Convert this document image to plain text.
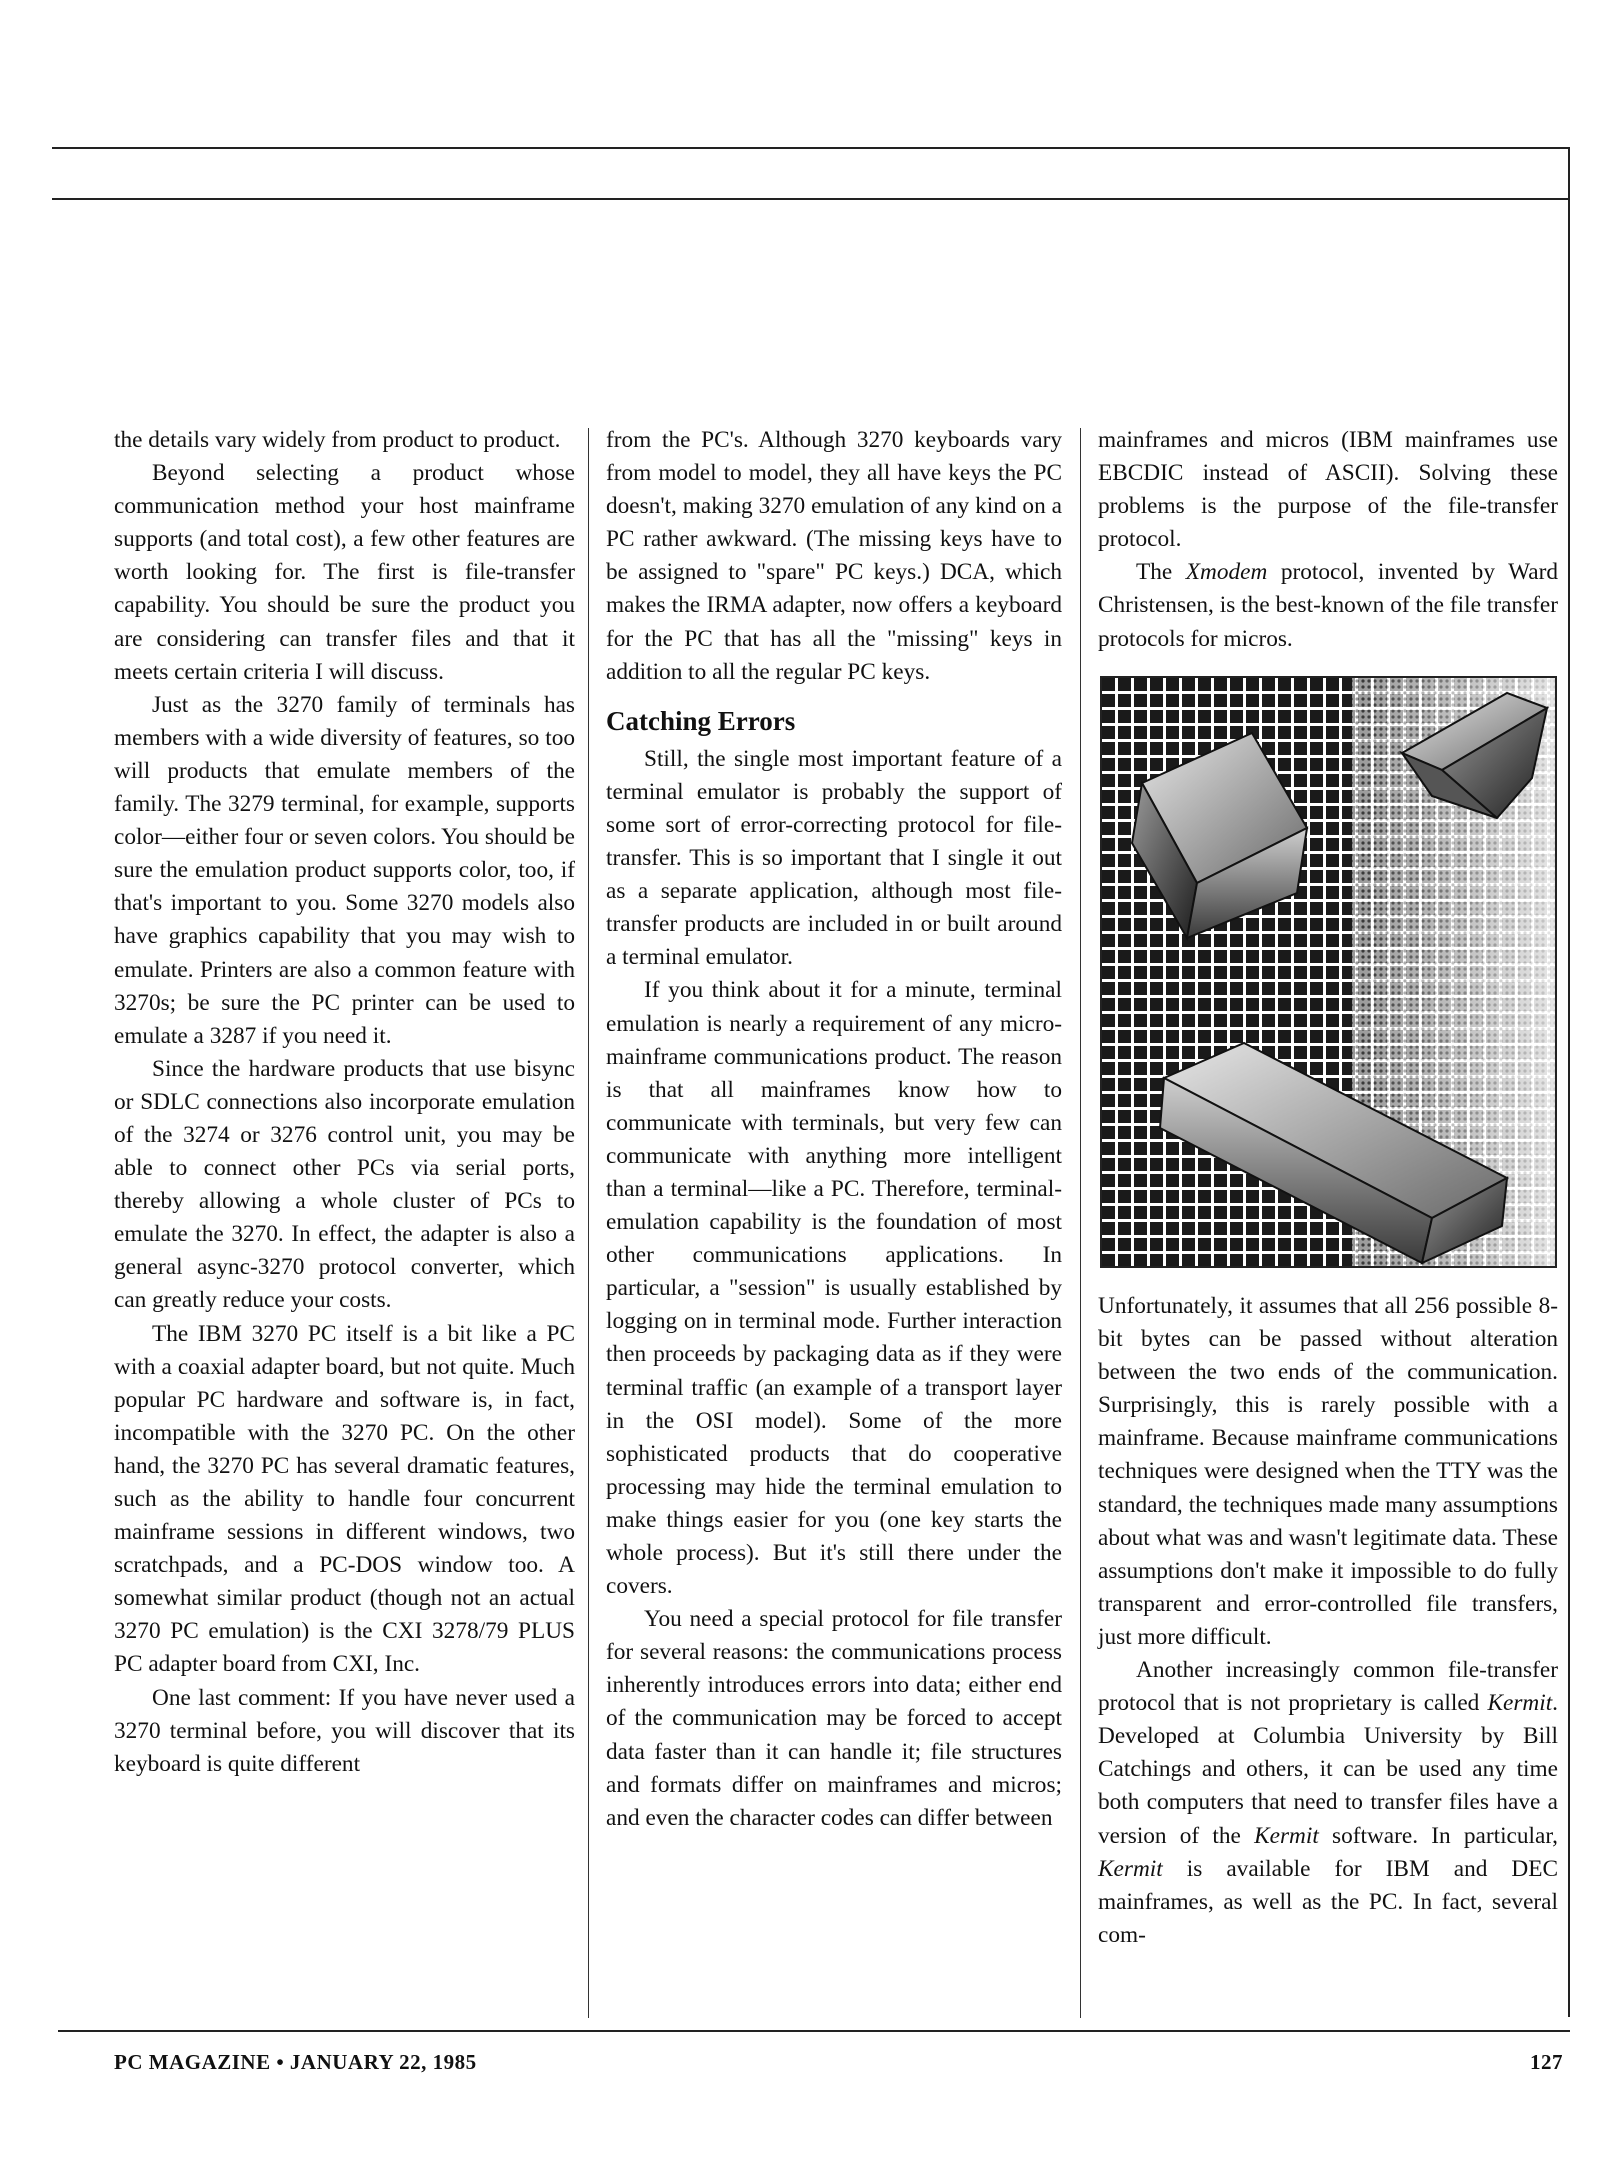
the details vary widely from product to product.

Beyond selecting a product whose communication method your host mainframe supports (and total cost), a few other features are worth looking for. The first is file-transfer capability. You should be sure the product you are considering can transfer files and that it meets certain criteria I will discuss.

Just as the 3270 family of terminals has members with a wide diversity of features, so too will products that emulate members of the family. The 3279 terminal, for example, supports color—either four or seven colors. You should be sure the emulation product supports color, too, if that's important to you. Some 3270 models also have graphics capability that you may wish to emulate. Printers are also a common feature with 3270s; be sure the PC printer can be used to emulate a 3287 if you need it.

Since the hardware products that use bisync or SDLC connections also incorporate emulation of the 3274 or 3276 control unit, you may be able to connect other PCs via serial ports, thereby allowing a whole cluster of PCs to emulate the 3270. In effect, the adapter is also a general async-3270 protocol converter, which can greatly reduce your costs.

The IBM 3270 PC itself is a bit like a PC with a coaxial adapter board, but not quite. Much popular PC hardware and software is, in fact, incompatible with the 3270 PC. On the other hand, the 3270 PC has several dramatic features, such as the ability to handle four concurrent mainframe sessions in different windows, two scratchpads, and a PC-DOS window too. A somewhat similar product (though not an actual 3270 PC emulation) is the CXI 3278/79 PLUS PC adapter board from CXI, Inc.

One last comment: If you have never used a 3270 terminal before, you will discover that its keyboard is quite different

from the PC's. Although 3270 keyboards vary from model to model, they all have keys the PC doesn't, making 3270 emulation of any kind on a PC rather awkward. (The missing keys have to be assigned to "spare" PC keys.) DCA, which makes the IRMA adapter, now offers a keyboard for the PC that has all the "missing" keys in addition to all the regular PC keys.

Catching Errors

Still, the single most important feature of a terminal emulator is probably the support of some sort of error-correcting protocol for file-transfer. This is so important that I single it out as a separate application, although most file-transfer products are included in or built around a terminal emulator.

If you think about it for a minute, terminal emulation is nearly a requirement of any micro-mainframe communications product. The reason is that all mainframes know how to communicate with terminals, but very few can communicate with anything more intelligent than a terminal—like a PC. Therefore, terminal-emulation capability is the foundation of most other communications applications. In particular, a "session" is usually established by logging on in terminal mode. Further interaction then proceeds by packaging data as if they were terminal traffic (an example of a transport layer in the OSI model). Some of the more sophisticated products that do cooperative processing may hide the terminal emulation to make things easier for you (one key starts the whole process). But it's still there under the covers.

You need a special protocol for file transfer for several reasons: the communications process inherently introduces errors into data; either end of the communication may be forced to accept data faster than it can handle it; file structures and formats differ on mainframes and micros; and even the character codes can differ between

mainframes and micros (IBM mainframes use EBCDIC instead of ASCII). Solving these problems is the purpose of the file-transfer protocol.

The Xmodem protocol, invented by Ward Christensen, is the best-known of the file transfer protocols for micros.

Unfortunately, it assumes that all 256 possible 8-bit bytes can be passed without alteration between the two ends of the communication. Surprisingly, this is rarely possible with a mainframe. Because mainframe communications techniques were designed when the TTY was the standard, the techniques made many assumptions about what was and wasn't legitimate data. These assumptions don't make it impossible to do fully transparent and error-controlled file transfers, just more difficult.

Another increasingly common file-transfer protocol that is not proprietary is called Kermit. Developed at Columbia University by Bill Catchings and others, it can be used any time both computers that need to transfer files have a version of the Kermit software. In particular, Kermit is available for IBM and DEC mainframes, as well as the PC. In fact, several com-

PC MAGAZINE • JANUARY 22, 1985	127
